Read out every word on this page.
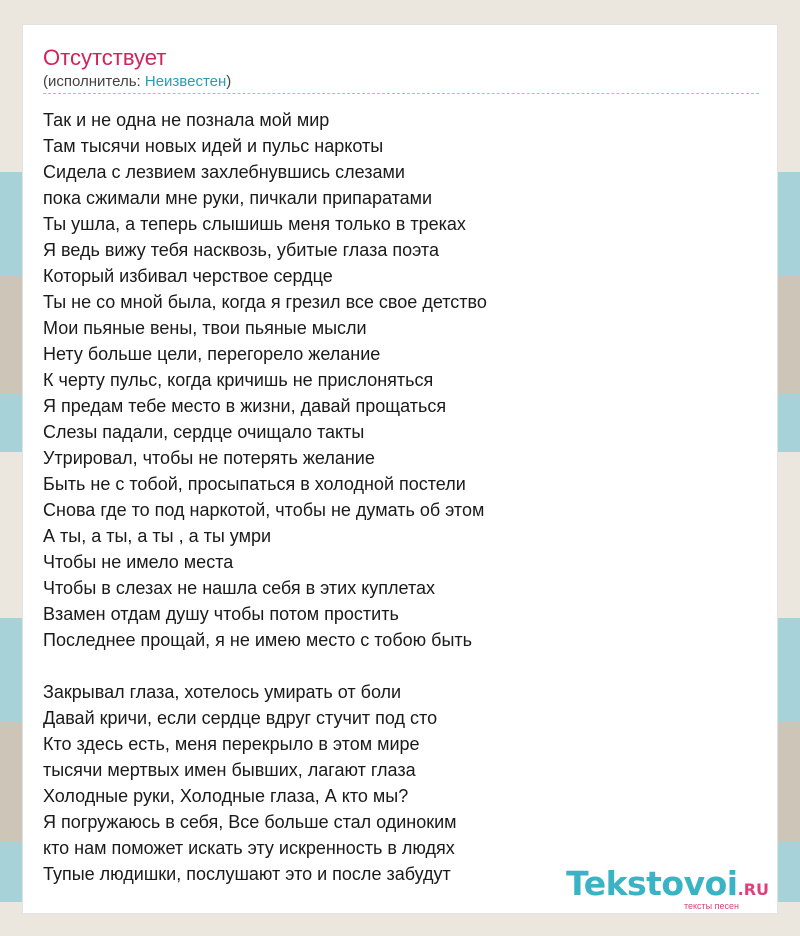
Отсутствует
(исполнитель: Неизвестен)
Так и не одна не познала мой мир
Там тысячи новых идей и пульс наркоты
Сидела с лезвием захлебнувшись слезами
пока сжимали мне руки, пичкали припаратами
Ты ушла, а теперь слышишь меня только в треках
Я ведь вижу тебя насквозь, убитые глаза поэта
Который избивал черствое сердце
Ты не со мной была, когда я грезил все свое детство
Мои пьяные вены, твои пьяные мысли
Нету больше цели, перегорело желание
К черту пульс, когда кричишь не прислоняться
Я предам тебе место в жизни, давай прощаться
Слезы падали, сердце очищало такты
Утрировал, чтобы не потерять желание
Быть не с тобой, просыпаться в холодной постели
Снова где то под наркотой, чтобы не думать об этом
А ты, а ты, а ты , а ты умри
Чтобы не имело места
Чтобы в слезах не нашла себя в этих куплетах
Взамен отдам душу чтобы потом простить
Последнее прощай, я не имею место с тобою быть
Закрывал глаза, хотелось умирать от боли
Давай кричи, если сердце вдруг стучит под сто
Кто здесь есть, меня перекрыло в этом мире
тысячи мертвых имен бывших, лагают глаза
Холодные руки, Холодные глаза, А кто мы?
Я погружаюсь в себя, Все больше стал одиноким
кто нам поможет искать эту искренность в людях
Тупые людишки, послушают это и после забудут	Tekstovoi.RU
тексты песен
